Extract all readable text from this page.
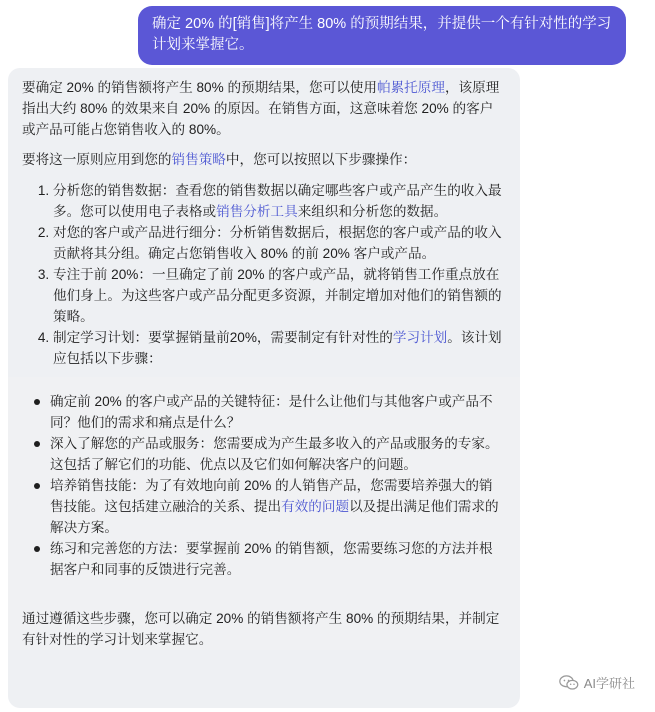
确定 20% 的[销售]将产生 80% 的预期结果，并提供一个有针对性的学习计划来掌握它。

要确定 20% 的销售额将产生 80% 的预期结果，您可以使用帕累托原理，该原理指出大约 80% 的效果来自 20% 的原因。在销售方面，这意味着您 20% 的客户或产品可能占您销售收入的 80%。

要将这一原则应用到您的销售策略中，您可以按照以下步骤操作：

1. 分析您的销售数据：查看您的销售数据以确定哪些客户或产品产生的收入最多。您可以使用电子表格或销售分析工具来组织和分析您的数据。
2. 对您的客户或产品进行细分：分析销售数据后，根据您的客户或产品的收入贡献将其分组。确定占您销售收入 80% 的前 20% 客户或产品。
3. 专注于前 20%：一旦确定了前 20% 的客户或产品，就将销售工作重点放在他们身上。为这些客户或产品分配更多资源，并制定增加对他们的销售额的策略。
4. 制定学习计划：要掌握销量前20%，需要制定有针对性的学习计划。该计划应包括以下步骤：
确定前 20% 的客户或产品的关键特征：是什么让他们与其他客户或产品不同？他们的需求和痛点是什么？
深入了解您的产品或服务：您需要成为产生最多收入的产品或服务的专家。这包括了解它们的功能、优点以及它们如何解决客户的问题。
培养销售技能：为了有效地向前 20% 的人销售产品，您需要培养强大的销售技能。这包括建立融洽的关系、提出有效的问题以及提出满足他们需求的解决方案。
练习和完善您的方法：要掌握前 20% 的销售额，您需要练习您的方法并根据客户和同事的反馈进行完善。

通过遵循这些步骤，您可以确定 20% 的销售额将产生 80% 的预期结果，并制定有针对性的学习计划来掌握它。

AI学研社
